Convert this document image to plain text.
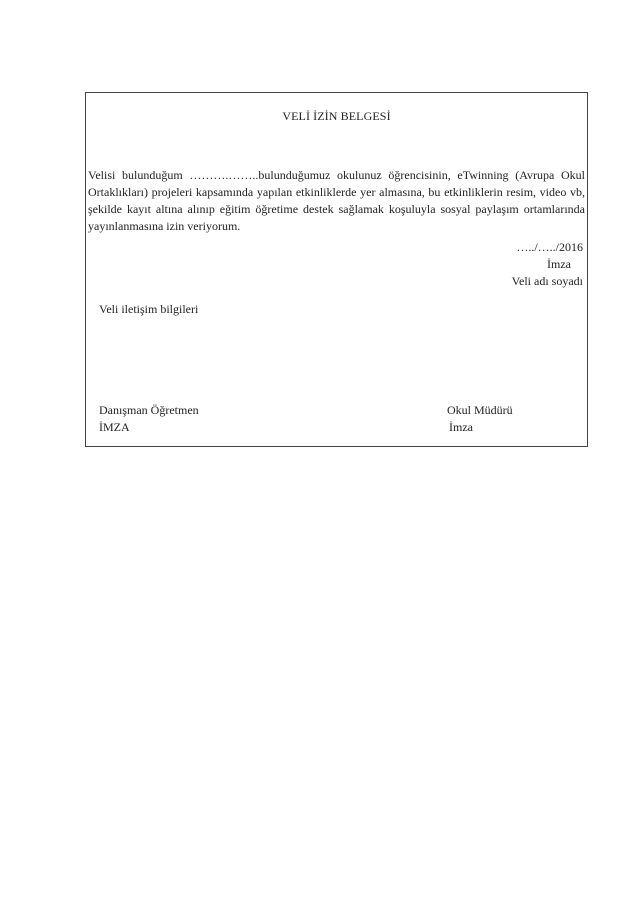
VELİ İZİN BELGESİ

Velisi bulunduğum ……….……..bulunduğumuz okulunuz öğrencisinin, eTwinning (Avrupa Okul Ortaklıkları) projeleri kapsamında yapılan etkinliklerde yer almasına, bu etkinliklerin resim, video vb, şekilde kayıt altına alınıp eğitim öğretime destek sağlamak koşuluyla sosyal paylaşım ortamlarında yayınlanmasına izin veriyorum.

…../…../2016
İmza
Veli adı soyadı
Veli iletişim bilgileri
Danışman Öğretmen
İMZA
Okul Müdürü
İmza
